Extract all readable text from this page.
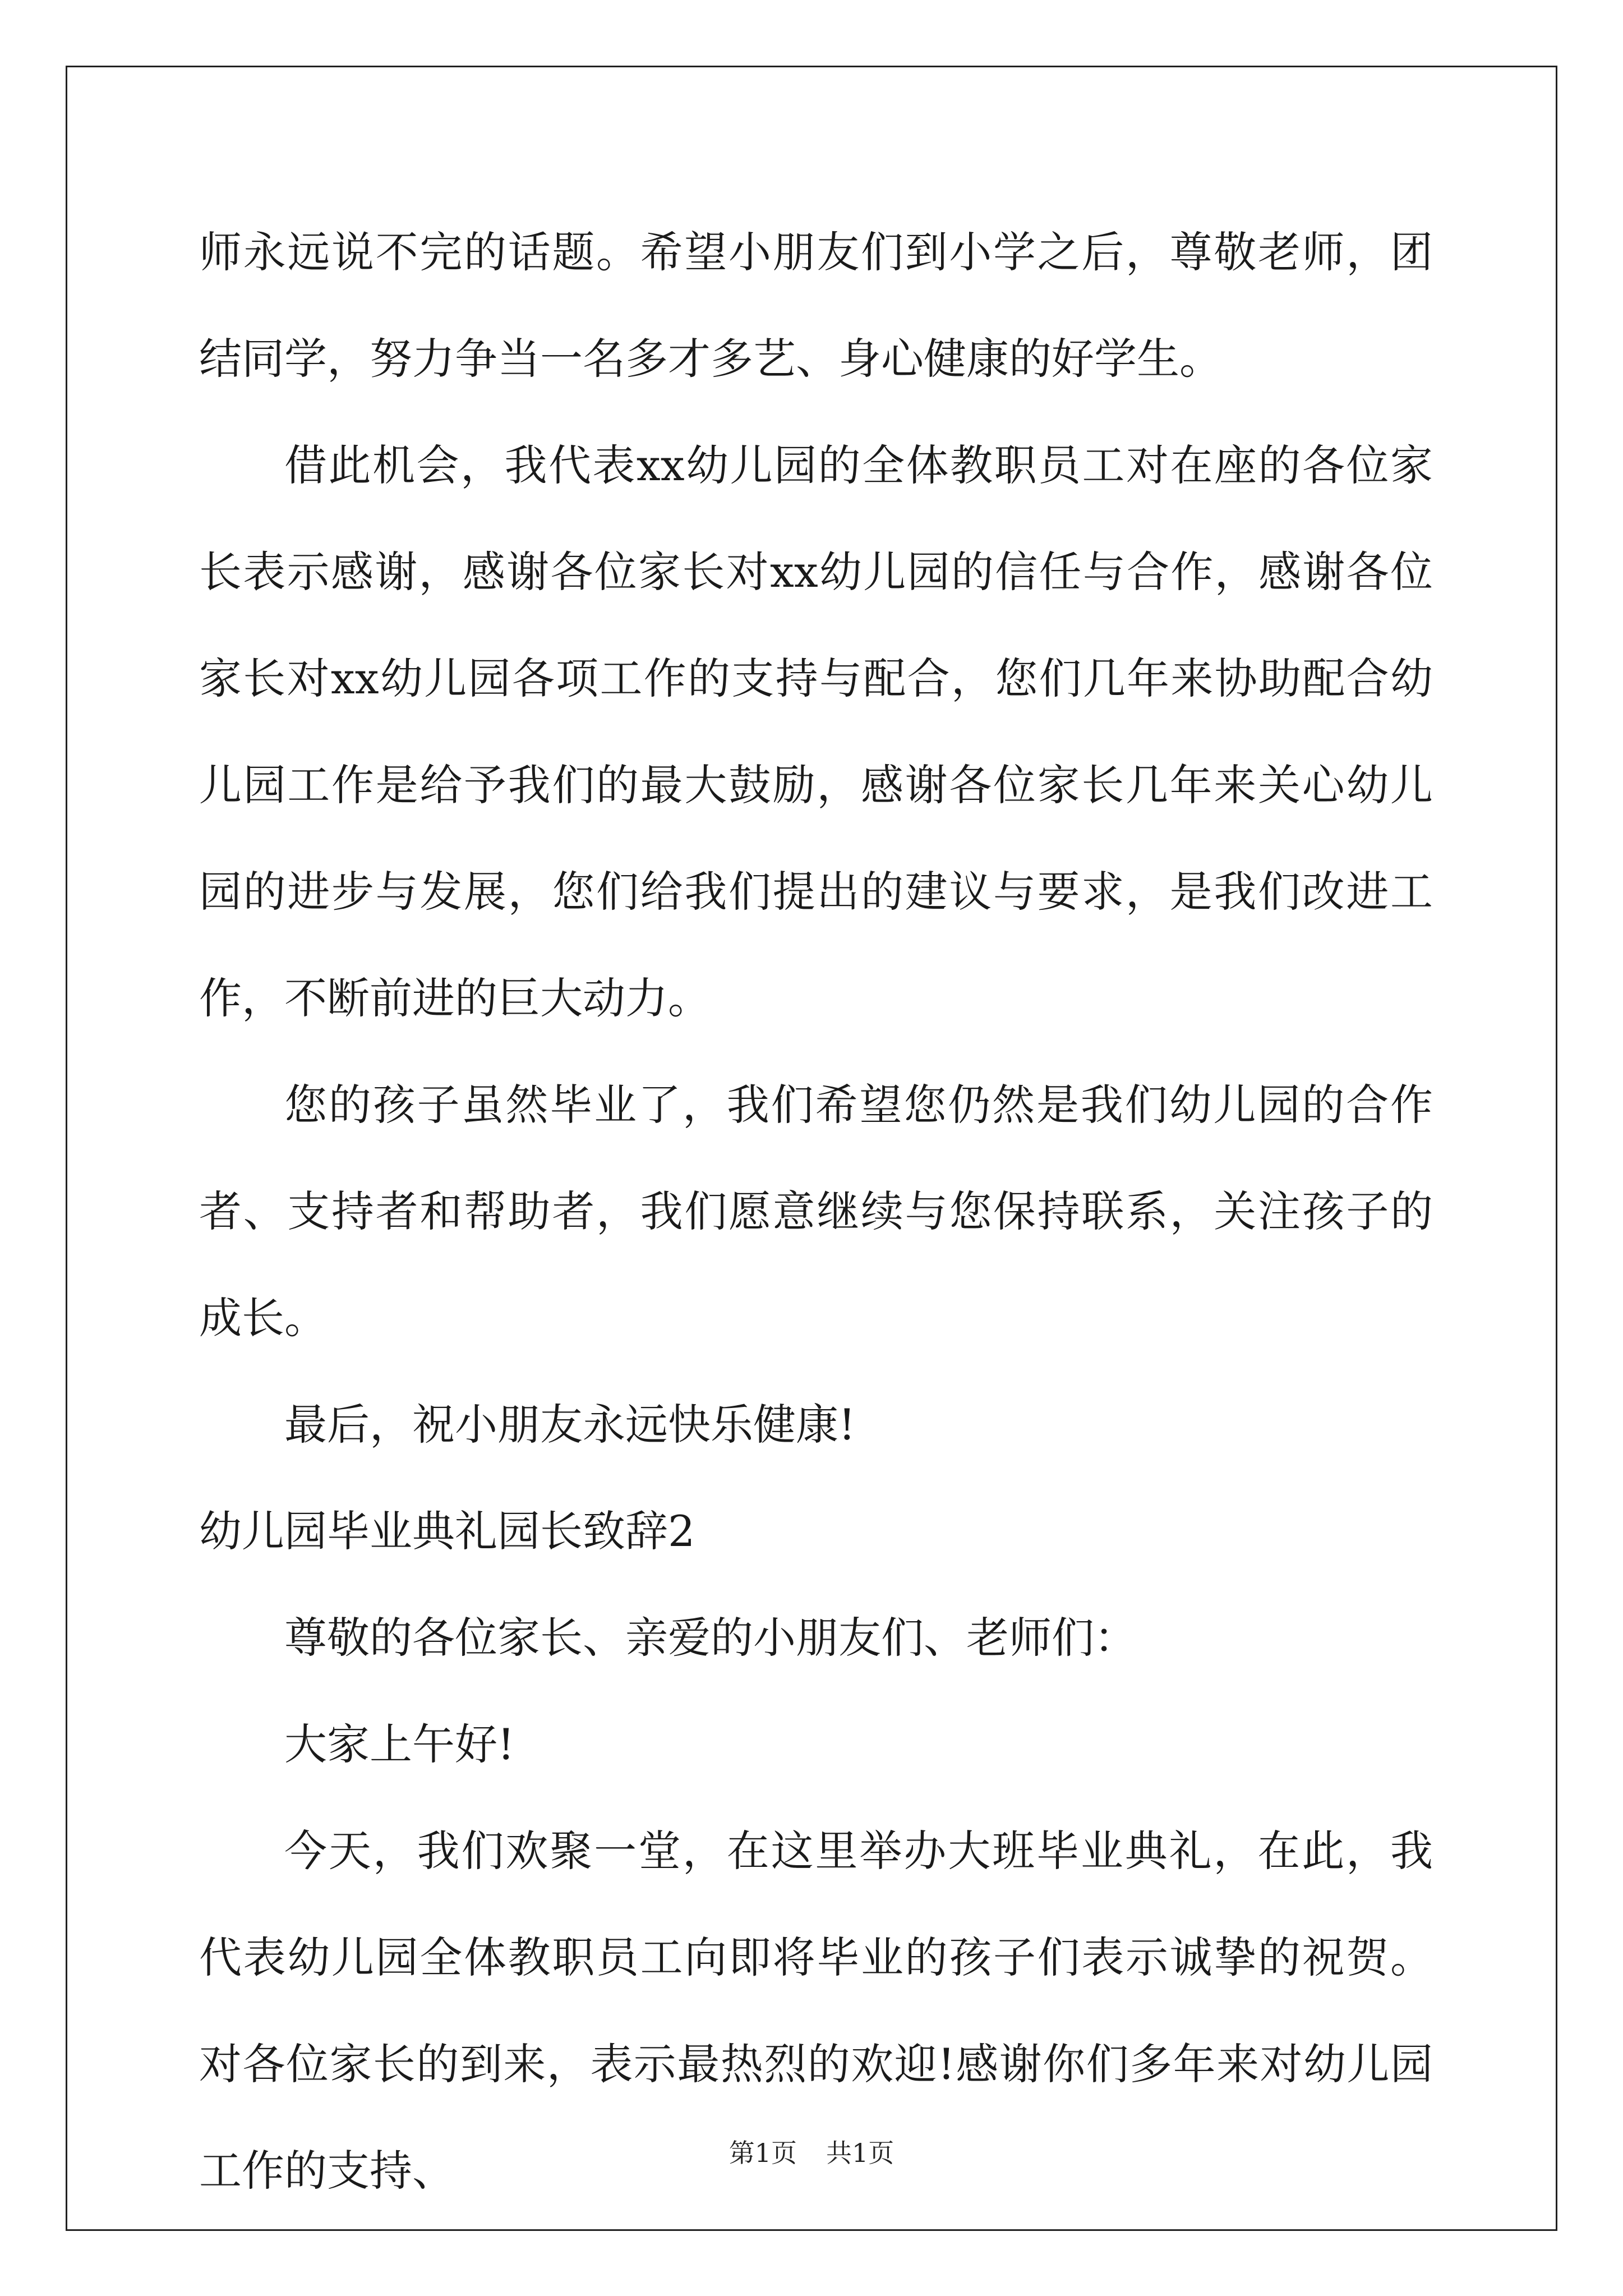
师永远说不完的话题。希望小朋友们到小学之后，尊敬老师，团结同学，努力争当一名多才多艺、身心健康的好学生。

借此机会，我代表xx幼儿园的全体教职员工对在座的各位家长表示感谢，感谢各位家长对xx幼儿园的信任与合作，感谢各位家长对xx幼儿园各项工作的支持与配合，您们几年来协助配合幼儿园工作是给予我们的最大鼓励，感谢各位家长几年来关心幼儿园的进步与发展，您们给我们提出的建议与要求，是我们改进工作，不断前进的巨大动力。

您的孩子虽然毕业了，我们希望您仍然是我们幼儿园的合作者、支持者和帮助者，我们愿意继续与您保持联系，关注孩子的成长。

最后，祝小朋友永远快乐健康!

幼儿园毕业典礼园长致辞2

尊敬的各位家长、亲爱的小朋友们、老师们：

大家上午好!

今天，我们欢聚一堂，在这里举办大班毕业典礼，在此，我代表幼儿园全体教职员工向即将毕业的孩子们表示诚挚的祝贺。对各位家长的到来，表示最热烈的欢迎!感谢你们多年来对幼儿园工作的支持、	第1页 共1页
